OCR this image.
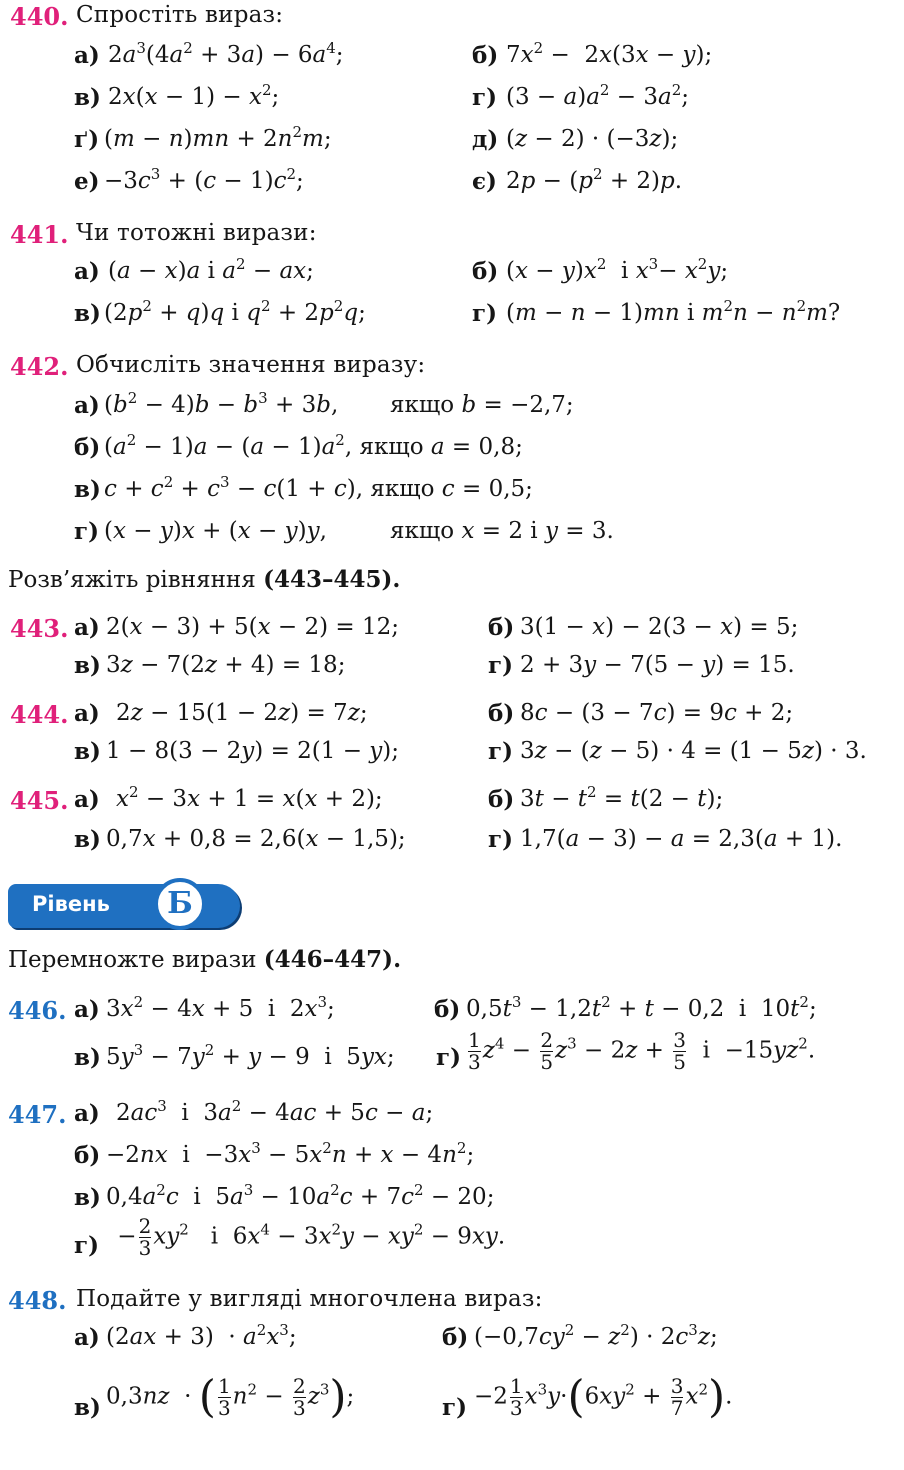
440. Спростіть вираз:
а) $2a^3(4a^2 + 3a) - 6a^4$;	б) $7x^2 - 2x(3x - y)$;
в) $2x(x - 1) - x^2$;	г) $(3 - a)a^2 - 3a^2$;
ґ) $(m - n)mn + 2n^2m$;	д) (z − 2) · (−3z);
$е) -3c^3 + (c - 1)c^2$;	є) $2p - (p^2 + 2)p$.
441. Чи тотожні вирази:
а) (a − x)a і $a^2$ − ax;	б) $(x - y)x^2$  і $x^3- x^2y$;
в) $(2p^2 + q)q$ і $q^2 + 2p^2q$;	г) (m − n − 1)mn і $m^2n - n^2m$?
442. Обчисліть значення виразу:
а) $(b^2 - 4)b - b^3 + 3b$, якщо b = −2,7;
б) $(a^2 - 1)a - (a - 1)a^2$, якщо a = 0,8;
в) $c + c^2 + c^3 - c(1 + c)$, якщо c = 0,5;
г) (x − y)x + (x − y)y,	якщо x = 2 і y = 3.
Розв’яжіть рівняння (443–445).
443. а) 2(x − 3) + 5(x − 2) = 12;	б) 3(1 − x) − 2(3 − x) = 5;
в) 3z − 7(2z + 4) = 18;	г) 2 + 3y − 7(5 − y) = 15.
444. а) 2z − 15(1 − 2z) = 7z;	б) 8c − (3 − 7c) = 9c + 2;
в) 1 − 8(3 − 2y) = 2(1 − y);	г) 3z − (z − 5) · 4 = (1 − 5z) · 3.
445. а) $x^2 - 3x + 1 = x(x + 2)$;	б) $3t - t^2 = t(2 - t)$;
в) 0,7x + 0,8 = 2,6(x − 1,5);	г) 1,7(a − 3) − a = 2,3(a + 1).
Рівень	Б
Перемножте вирази (446–447).
446. а) $3x^2 - 4x + 5$  і  $2x^3$;	б) $0,5t^3 - 1,2t^2 + t - 0,2$  і  $10t^2$;
в) $5y^3 - 7y^2 + y - 9$  і  5yx; $г) \frac{1}{3} z^4 - \frac{2}{5} z^3 - 2z + \frac{3}{5}$ $і -15yz^2$.
447. а) $2ac^3$  і  $3a^2 - 4ac + 5c - a$;
б) −2nx  $і -3x^3 - 5x^2n + x - 4n^2$;
в) $0,4a^2c$  і  $5a^3 - 10a^2c + 7c^2 - 20$;
$г) - \frac{2}{3} xy^2$   і  $6x^4 - 3x^2y - xy^2 - 9xy$.
448. Подайте у вигляді многочлена вираз:
а) $(2ax + 3) \cdot a^2x^3$;	б) $(-0,7cy^2 - z^2) \cdot 2c^3z$;
в) 0,3nz  · ( $\frac{1}{3} n^2 - \frac{2}{3} z^3$);	$г) -2 \frac{1}{3} x^3y\cdot(6xy^2 + \frac{3}{7} x^2)$.
